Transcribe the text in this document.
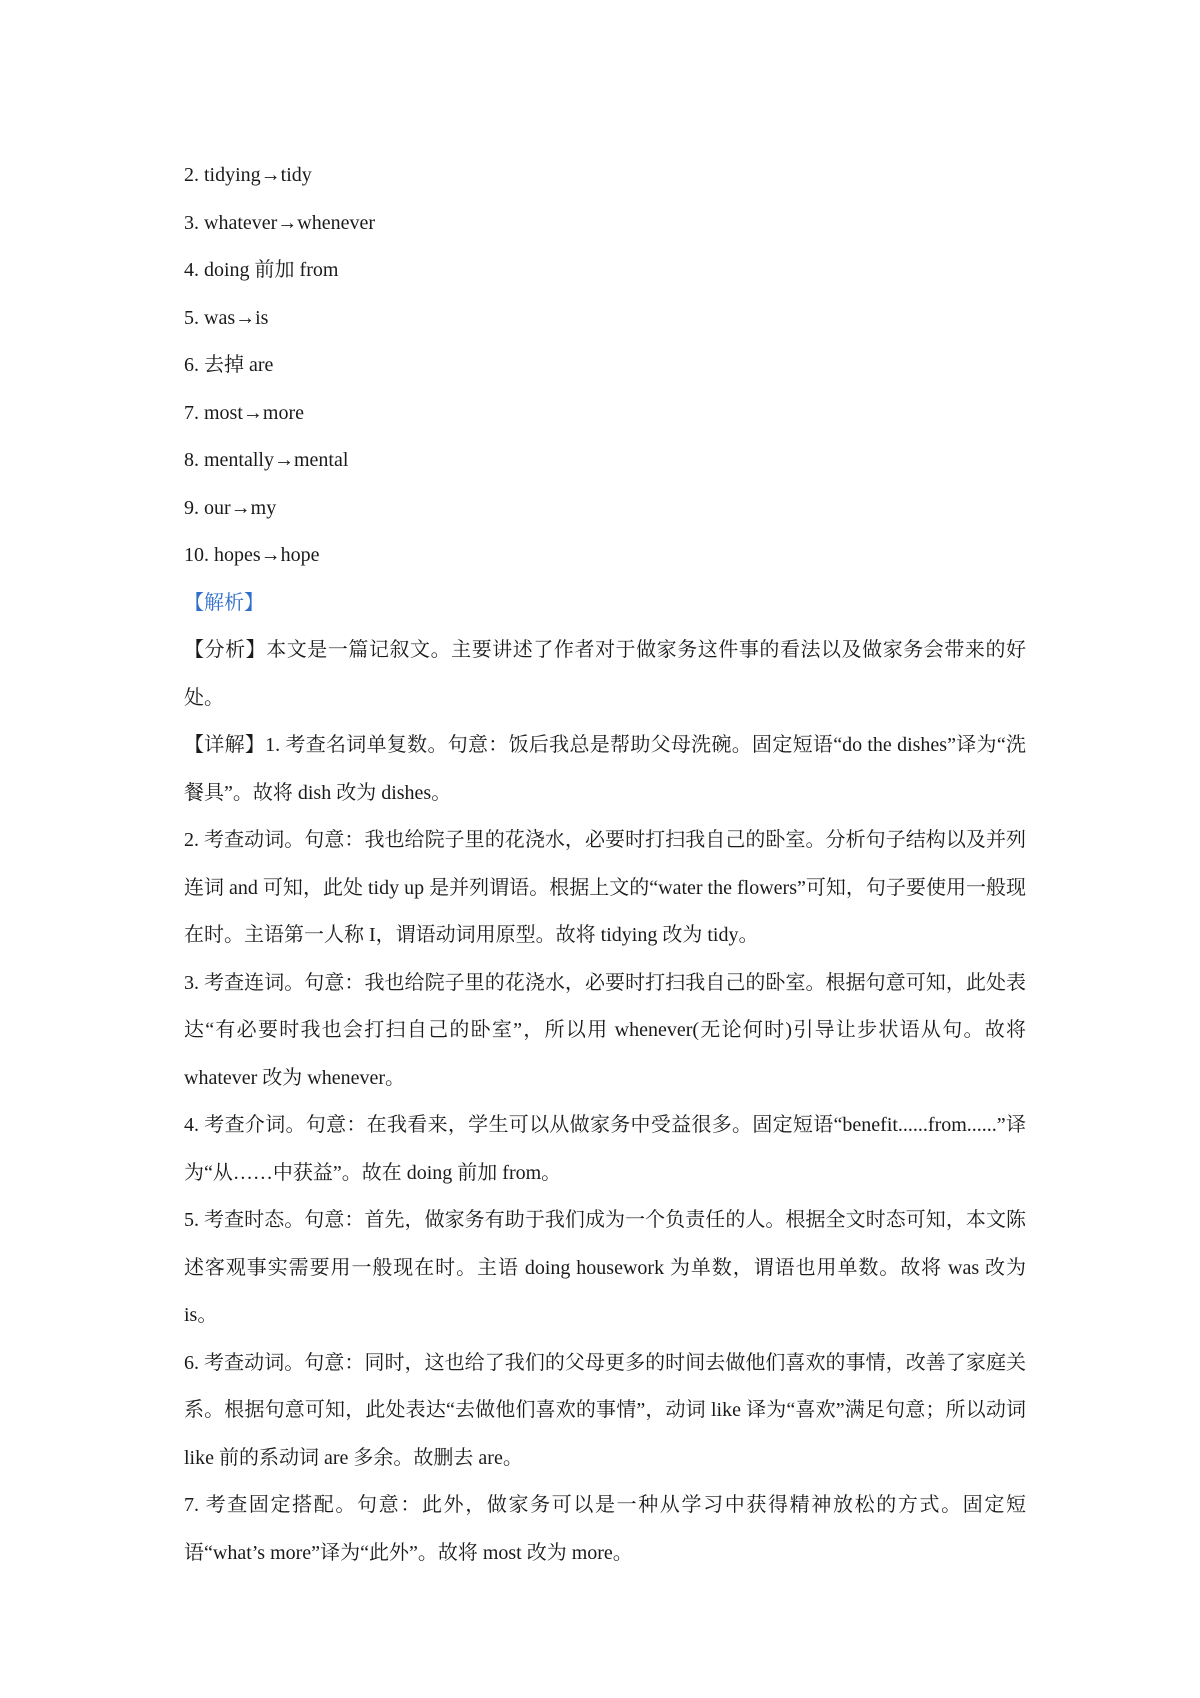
2. tidying→tidy

3. whatever→whenever

4. doing 前加 from

5. was→is

6. 去掉 are

7. most→more

8. mentally→mental

9. our→my

10. hopes→hope

【解析】

【分析】本文是一篇记叙文。主要讲述了作者对于做家务这件事的看法以及做家务会带来的好处。

【详解】1. 考查名词单复数。句意：饭后我总是帮助父母洗碗。固定短语“do the dishes”译为“洗餐具”。故将 dish 改为 dishes。

2. 考查动词。句意：我也给院子里的花浇水，必要时打扫我自己的卧室。分析句子结构以及并列连词 and 可知，此处 tidy up 是并列谓语。根据上文的“water the flowers”可知，句子要使用一般现在时。主语第一人称 I，谓语动词用原型。故将 tidying 改为 tidy。

3. 考查连词。句意：我也给院子里的花浇水，必要时打扫我自己的卧室。根据句意可知，此处表达“有必要时我也会打扫自己的卧室”，所以用 whenever(无论何时)引导让步状语从句。故将 whatever 改为 whenever。

4. 考查介词。句意：在我看来，学生可以从做家务中受益很多。固定短语“benefit......from......”译为“从……中获益”。故在 doing 前加 from。

5. 考查时态。句意：首先，做家务有助于我们成为一个负责任的人。根据全文时态可知，本文陈述客观事实需要用一般现在时。主语 doing housework 为单数，谓语也用单数。故将 was 改为 is。

6. 考查动词。句意：同时，这也给了我们的父母更多的时间去做他们喜欢的事情，改善了家庭关系。根据句意可知，此处表达“去做他们喜欢的事情”，动词 like 译为“喜欢”满足句意；所以动词 like 前的系动词 are 多余。故删去 are。

7. 考查固定搭配。句意：此外，做家务可以是一种从学习中获得精神放松的方式。固定短语“what’s more”译为“此外”。故将 most 改为 more。
